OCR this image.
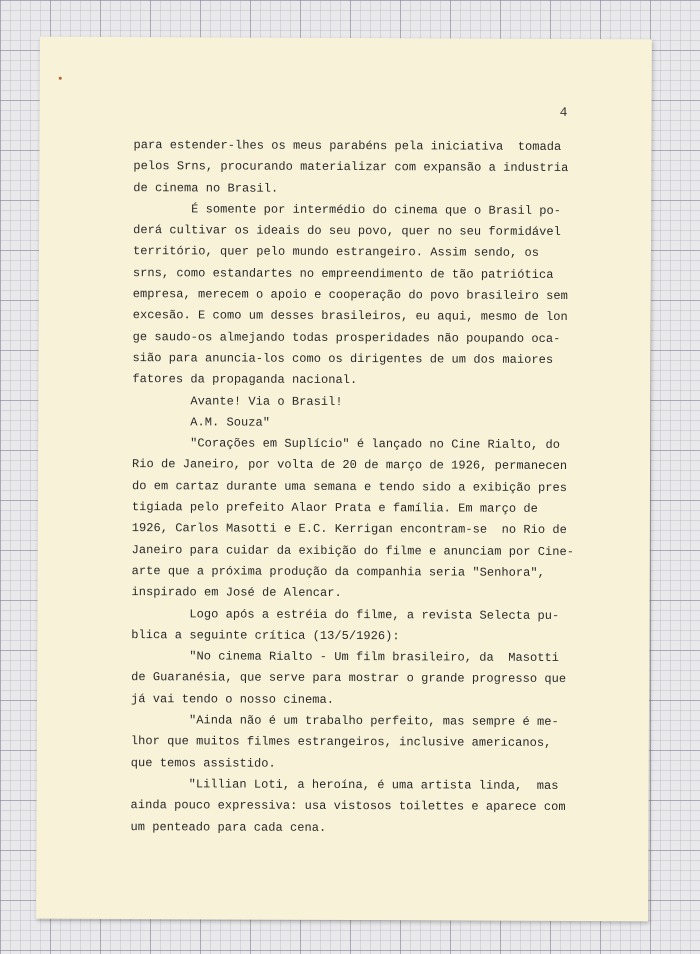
4
para estender-lhes os meus parabéns pela iniciativa  tomada
pelos Srns, procurando materializar com expansão a industria
de cinema no Brasil.
É somente por intermédio do cinema que o Brasil po-
derá cultivar os ideais do seu povo, quer no seu formidável
território, quer pelo mundo estrangeiro. Assim sendo, os
srns, como estandartes no empreendimento de tão patriótica
empresa, merecem o apoio e cooperação do povo brasileiro sem
excesão. E como um desses brasileiros, eu aqui, mesmo de lon
ge saudo-os almejando todas prosperidades não poupando oca-
sião para anuncia-los como os dirigentes de um dos maiores
fatores da propaganda nacional.
Avante! Via o Brasil!
A.M. Souza"
"Corações em Suplício" é lançado no Cine Rialto, do
Rio de Janeiro, por volta de 20 de março de 1926, permanecen
do em cartaz durante uma semana e tendo sido a exibição pres
tigiada pelo prefeito Alaor Prata e família. Em março de
1926, Carlos Masotti e E.C. Kerrigan encontram-se  no Rio de
Janeiro para cuidar da exibição do filme e anunciam por Cine-
arte que a próxima produção da companhia seria "Senhora",
inspirado em José de Alencar.
Logo após a estréia do filme, a revista Selecta pu-
blica a seguinte crítica (13/5/1926):
"No cinema Rialto - Um film brasileiro, da  Masotti
de Guaranésia, que serve para mostrar o grande progresso que
já vai tendo o nosso cinema.
"Ainda não é um trabalho perfeito, mas sempre é me-
lhor que muitos filmes estrangeiros, inclusive americanos,
que temos assistido.
"Lillian Loti, a heroína, é uma artista linda,  mas
ainda pouco expressiva: usa vistosos toilettes e aparece com
um penteado para cada cena.
